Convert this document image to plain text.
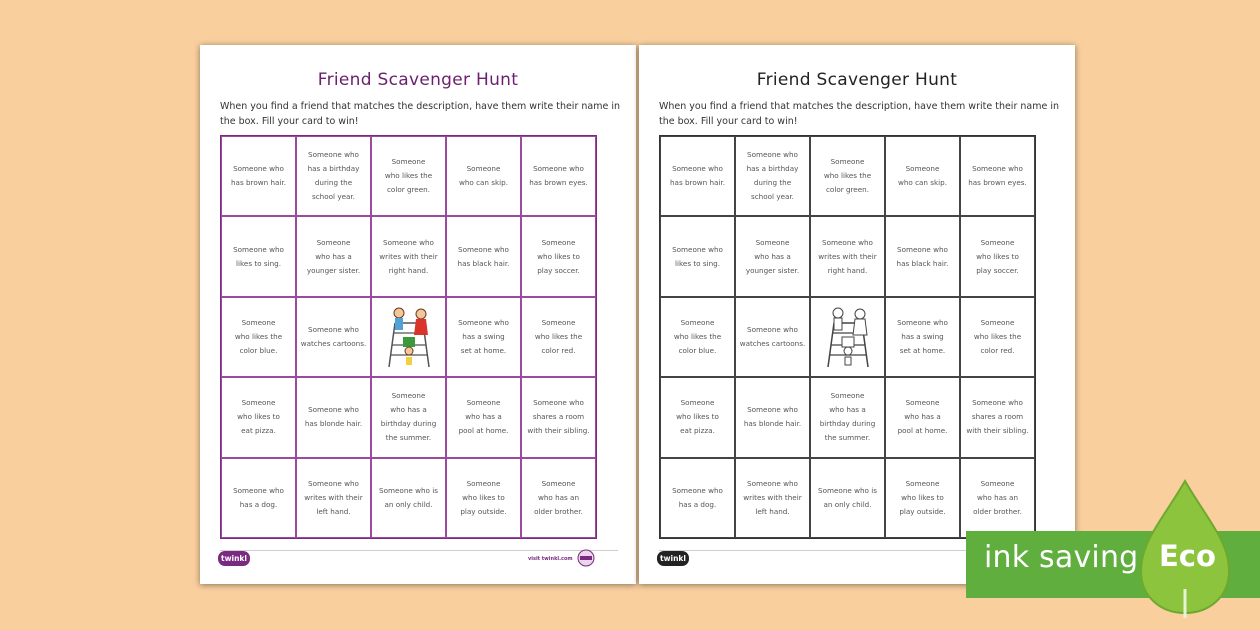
Friend Scavenger Hunt
When you find a friend that matches the description, have them write their name in the box. Fill your card to win!
Someone who
has brown hair.
Someone who
has a birthday
during the
school year.
Someone
who likes the
color green.
Someone
who can skip.
Someone who
has brown eyes.
Someone who
likes to sing.
Someone
who has a
younger sister.
Someone who
writes with their
right hand.
Someone who
has black hair.
Someone
who likes to
play soccer.
Someone
who likes the
color blue.
Someone who
watches cartoons.
Someone who
has a swing
set at home.
Someone
who likes the
color red.
Someone
who likes to
eat pizza.
Someone who
has blonde hair.
Someone
who has a
birthday during
the summer.
Someone
who has a
pool at home.
Someone who
shares a room
with their sibling.
Someone who
has a dog.
Someone who
writes with their
left hand.
Someone who is
an only child.
Someone
who likes to
play outside.
Someone
who has an
older brother.
twinkl	visit twinkl.com
Friend Scavenger Hunt
When you find a friend that matches the description, have them write their name in the box. Fill your card to win!
Someone who
has brown hair.
Someone who
has a birthday
during the
school year.
Someone
who likes the
color green.
Someone
who can skip.
Someone who
has brown eyes.
Someone who
likes to sing.
Someone
who has a
younger sister.
Someone who
writes with their
right hand.
Someone who
has black hair.
Someone
who likes to
play soccer.
Someone
who likes the
color blue.
Someone who
watches cartoons.
Someone who
has a swing
set at home.
Someone
who likes the
color red.
Someone
who likes to
eat pizza.
Someone who
has blonde hair.
Someone
who has a
birthday during
the summer.
Someone
who has a
pool at home.
Someone who
shares a room
with their sibling.
Someone who
has a dog.
Someone who
writes with their
left hand.
Someone who is
an only child.
Someone
who likes to
play outside.
Someone
who has an
older brother.
twinkl	ink saving Eco
